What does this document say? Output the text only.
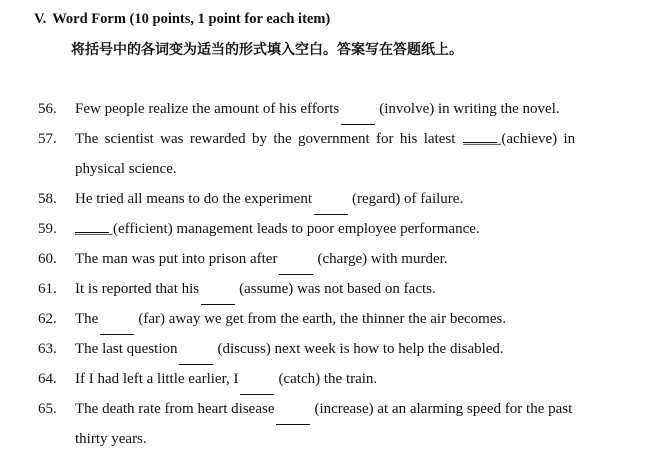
V. Word Form (10 points, 1 point for each item)
将括号中的各词变为适当的形式填入空白。答案写在答题纸上。
56. Few people realize the amount of his efforts	(involve) in writing the novel.
57. The scientist was rewarded by the government for his latest _____(achieve) in
physical science.
58. He tried all means to do the experiment	(regard) of failure.
59. _____(efficient) management leads to poor employee performance.
60. The man was put into prison after	(charge) with murder.
61. It is reported that his	(assume) was not based on facts.
62. The	(far) away we get from the earth, the thinner the air becomes.
63. The last question	(discuss) next week is how to help the disabled.
64. If I had left a little earlier, I	(catch) the train.
65. The death rate from heart disease	(increase) at an alarming speed for the past
thirty years.
